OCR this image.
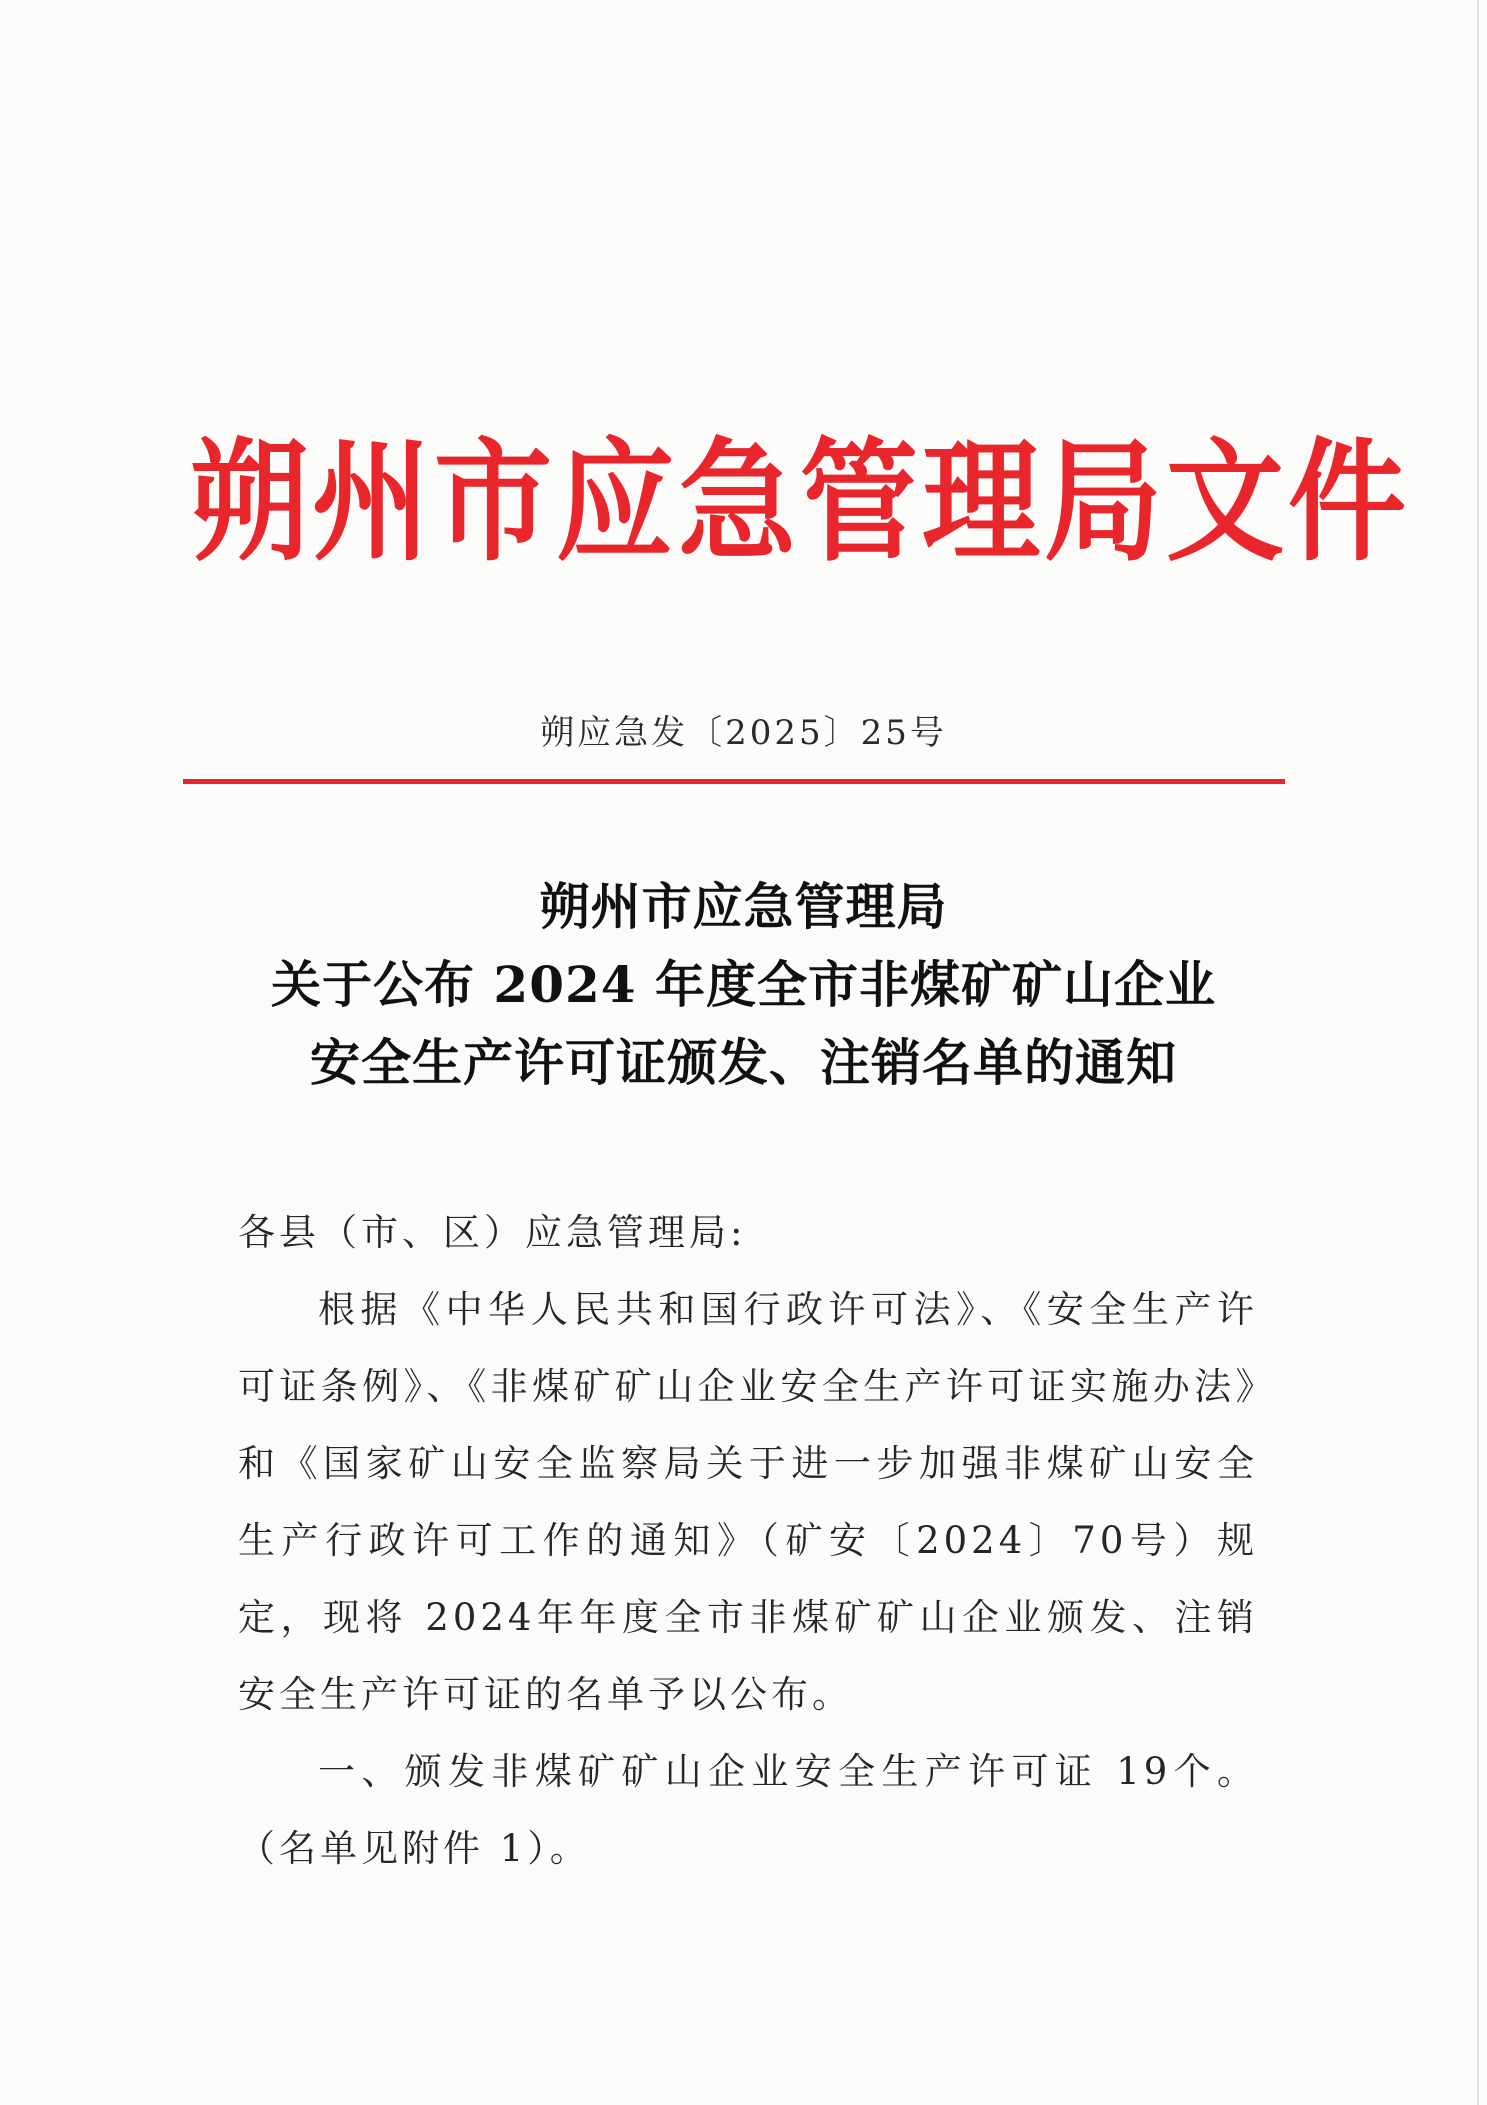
朔州市应急管理局文件
朔应急发〔2025〕25号
朔州市应急管理局
关于公布 2024 年度全市非煤矿矿山企业
安全生产许可证颁发、注销名单的通知

各县（市、区）应急管理局:

根据《中华人民共和国行政许可法》、《安全生产许可证条例》、《非煤矿矿山企业安全生产许可证实施办法》和《国家矿山安全监察局关于进一步加强非煤矿山安全生产行政许可工作的通知》（矿安〔2024〕70号）规定，现将 2024年年度全市非煤矿矿山企业颁发、注销安全生产许可证的名单予以公布。

一、颁发非煤矿矿山企业安全生产许可证 19个。（名单见附件 1）。
